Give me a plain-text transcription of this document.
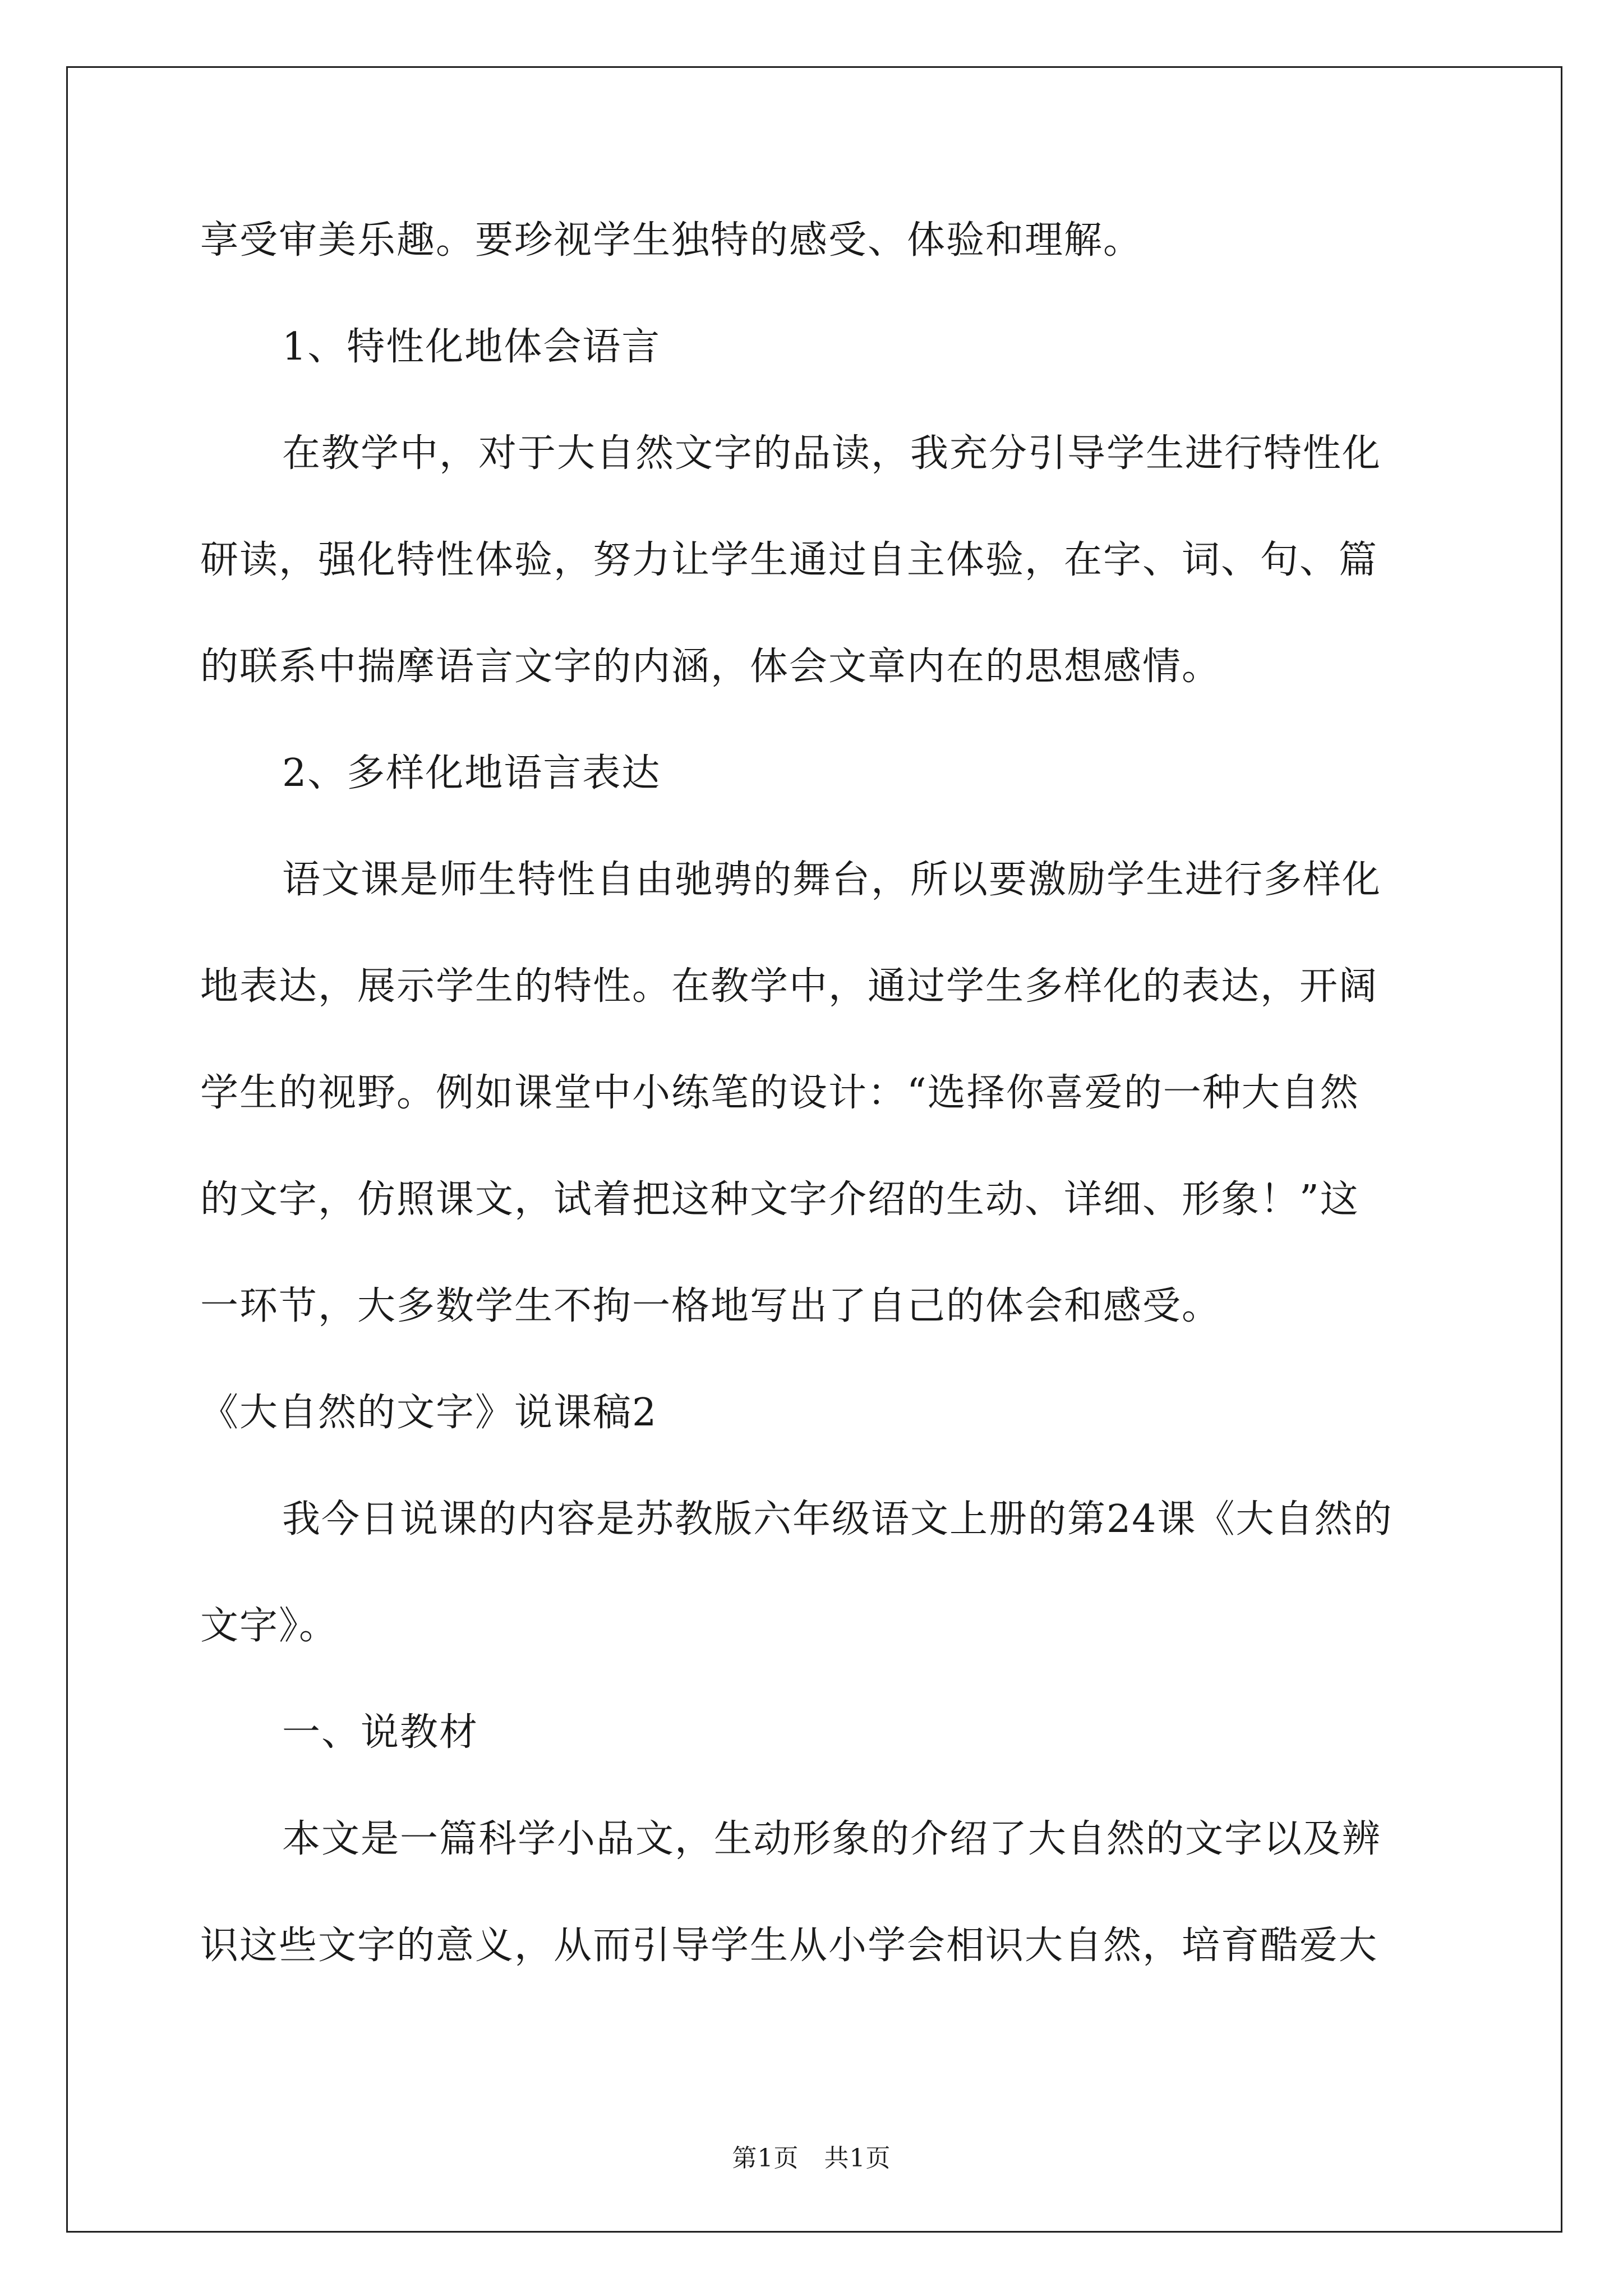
享受审美乐趣。要珍视学生独特的感受、体验和理解。
1、特性化地体会语言
在教学中，对于大自然文字的品读，我充分引导学生进行特性化
研读，强化特性体验，努力让学生通过自主体验，在字、词、句、篇
的联系中揣摩语言文字的内涵，体会文章内在的思想感情。
2、多样化地语言表达
语文课是师生特性自由驰骋的舞台，所以要激励学生进行多样化
地表达，展示学生的特性。在教学中，通过学生多样化的表达，开阔
学生的视野。例如课堂中小练笔的设计：“选择你喜爱的一种大自然
的文字，仿照课文，试着把这种文字介绍的生动、详细、形象！”这
一环节，大多数学生不拘一格地写出了自己的体会和感受。
《大自然的文字》说课稿2
我今日说课的内容是苏教版六年级语文上册的第24课《大自然的
文字》。
一、说教材
本文是一篇科学小品文，生动形象的介绍了大自然的文字以及辨
识这些文字的意义，从而引导学生从小学会相识大自然，培育酷爱大
第1页　共1页
